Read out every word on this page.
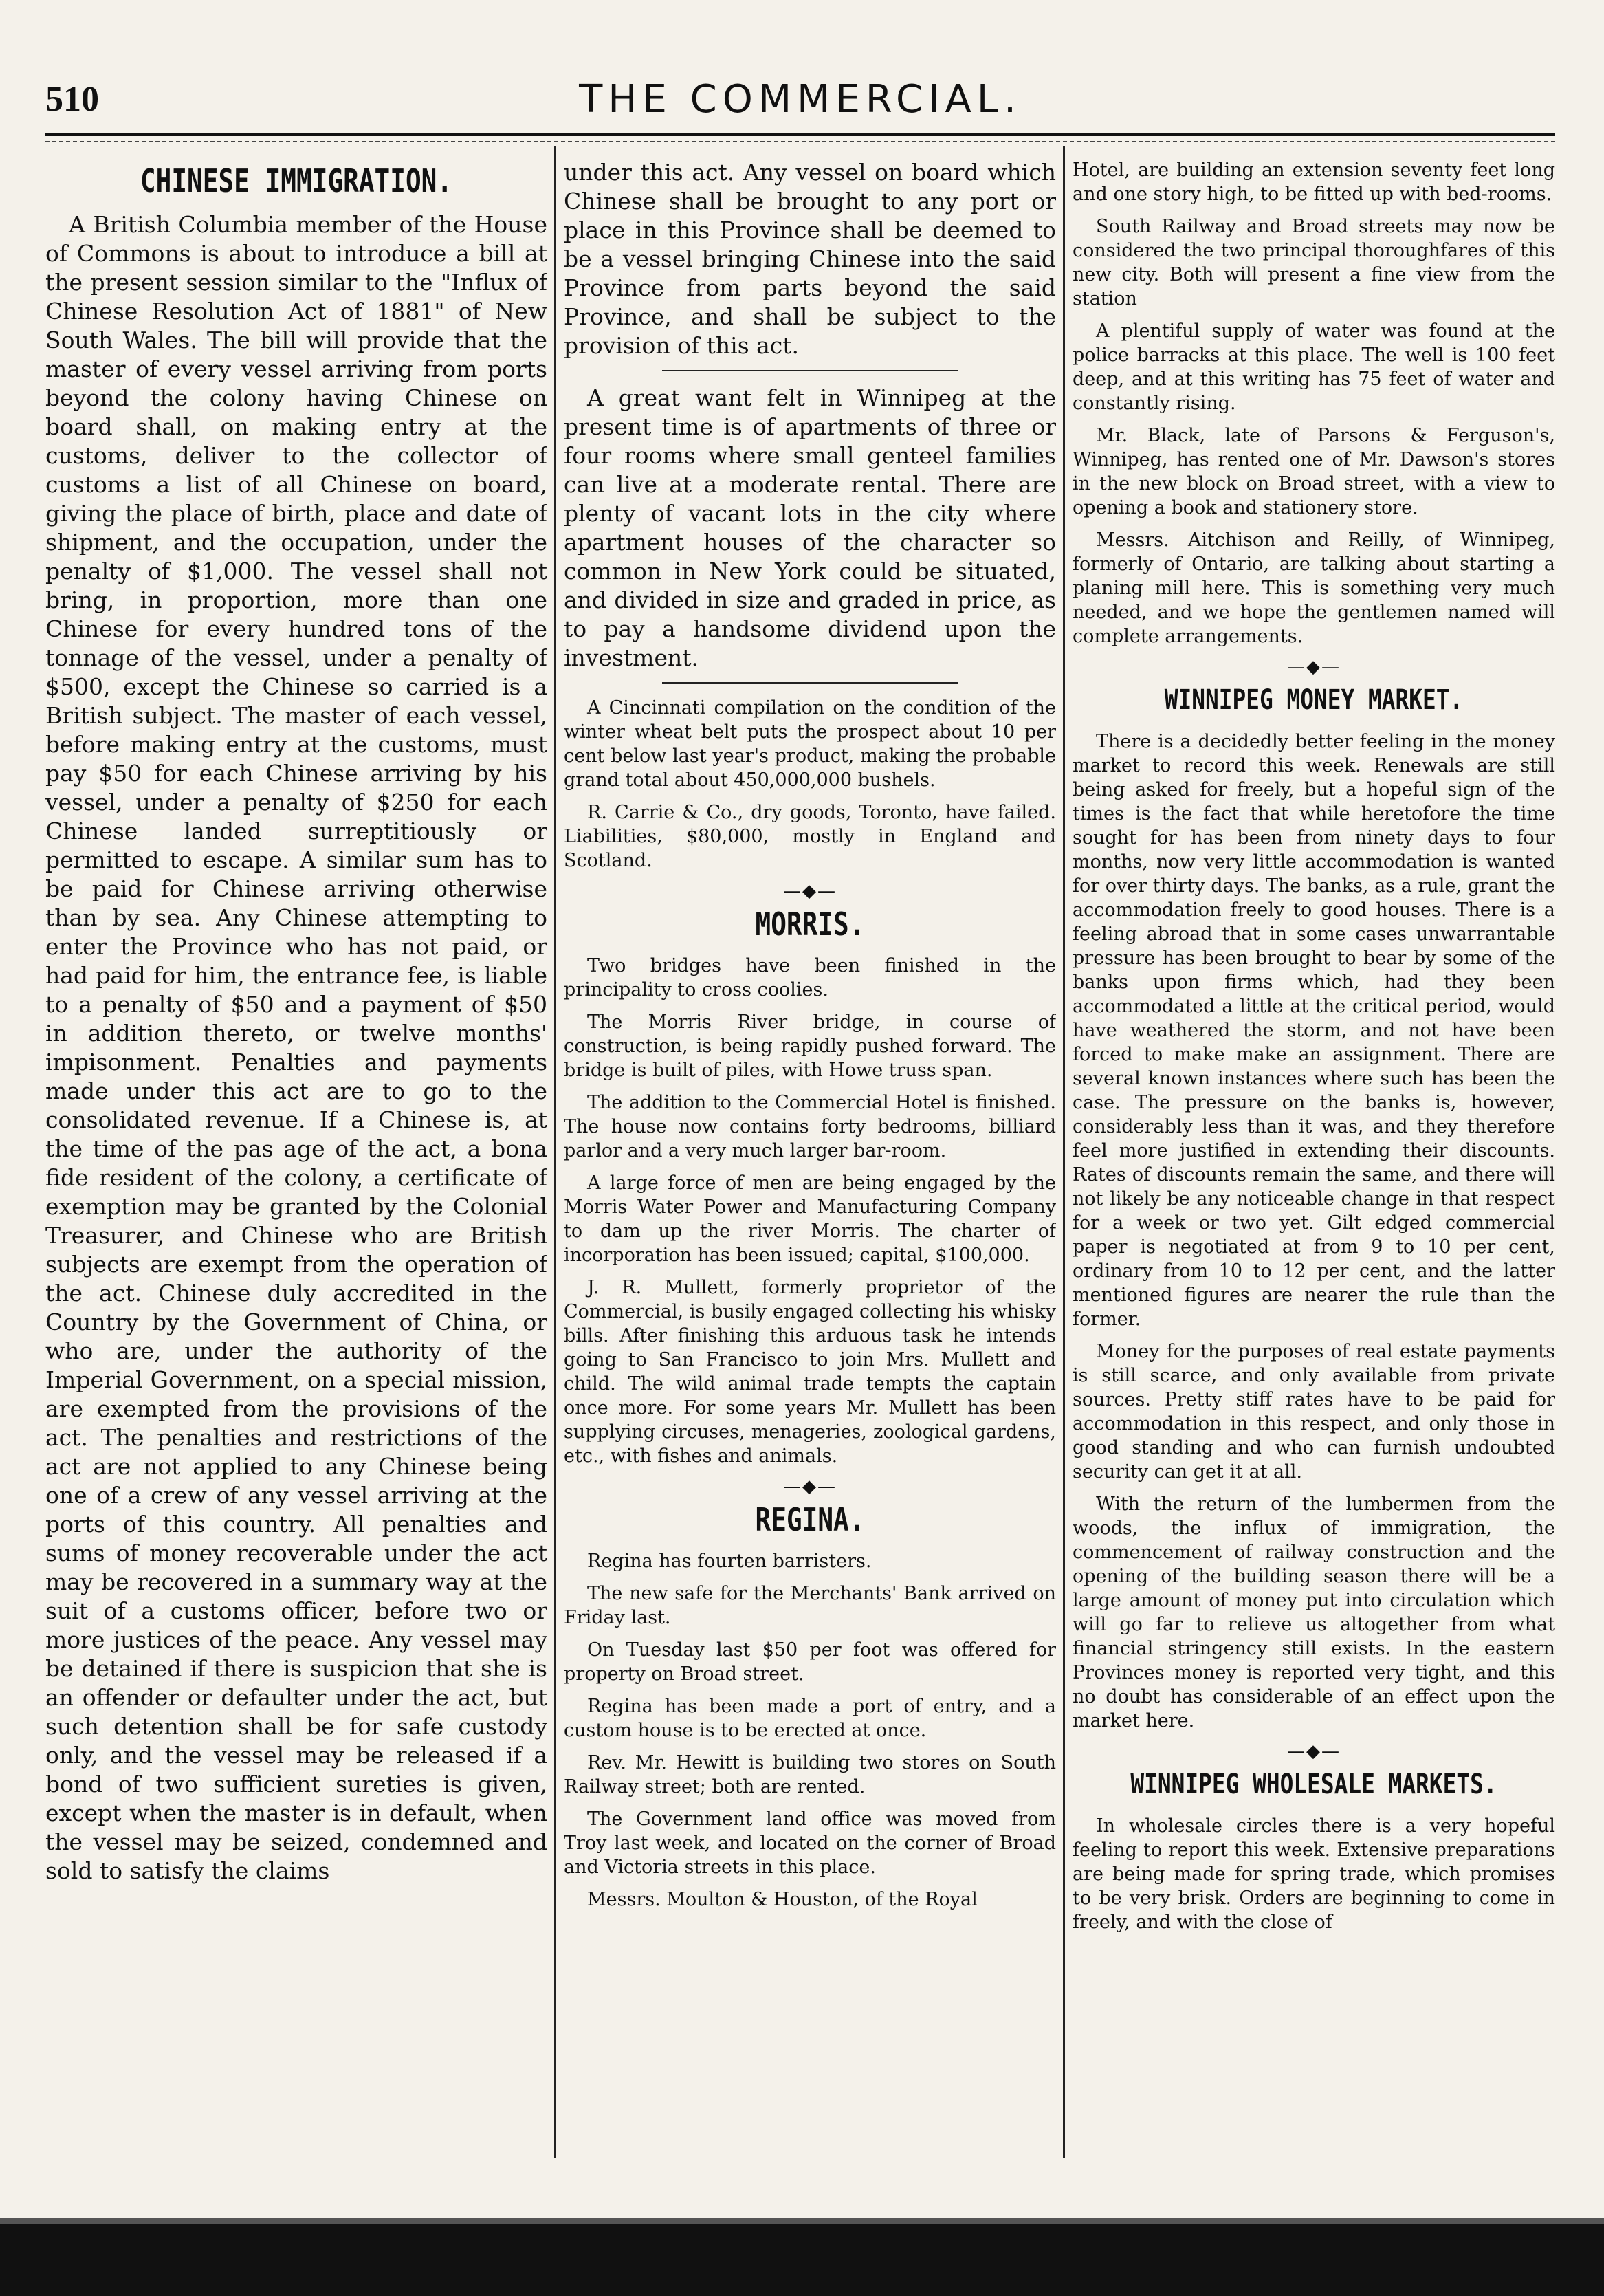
510	THE COMMERCIAL.
CHINESE IMMIGRATION.

A British Columbia member of the House of Commons is about to introduce a bill at the present session similar to the "Influx of Chinese Resolution Act of 1881" of New South Wales. The bill will provide that the master of every vessel arriving from ports beyond the colony having Chinese on board shall, on making entry at the customs, deliver to the collector of customs a list of all Chinese on board, giving the place of birth, place and date of shipment, and the occupation, under the penalty of $1,000. The vessel shall not bring, in proportion, more than one Chinese for every hundred tons of the tonnage of the vessel, under a penalty of $500, except the Chinese so carried is a British subject. The master of each vessel, before making entry at the customs, must pay $50 for each Chinese arriving by his vessel, under a penalty of $250 for each Chinese landed surreptitiously or permitted to escape. A similar sum has to be paid for Chinese arriving otherwise than by sea. Any Chinese attempting to enter the Province who has not paid, or had paid for him, the entrance fee, is liable to a penalty of $50 and a payment of $50 in addition thereto, or twelve months' impisonment. Penalties and payments made under this act are to go to the consolidated revenue. If a Chinese is, at the time of the pas age of the act, a bona fide resident of the colony, a certificate of exemption may be granted by the Colonial Treasurer, and Chinese who are British subjects are exempt from the operation of the act. Chinese duly accredited in the Country by the Government of China, or who are, under the authority of the Imperial Government, on a special mission, are exempted from the provisions of the act. The penalties and restrictions of the act are not applied to any Chinese being one of a crew of any vessel arriving at the ports of this country. All penalties and sums of money recoverable under the act may be recovered in a summary way at the suit of a customs officer, before two or more justices of the peace. Any vessel may be detained if there is suspicion that she is an offender or defaulter under the act, but such detention shall be for safe custody only, and the vessel may be released if a bond of two sufficient sureties is given, except when the master is in default, when the vessel may be seized, condemned and sold to satisfy the claims

under this act. Any vessel on board which Chinese shall be brought to any port or place in this Province shall be deemed to be a vessel bringing Chinese into the said Province from parts beyond the said Province, and shall be subject to the provision of this act.

A great want felt in Winnipeg at the present time is of apartments of three or four rooms where small genteel families can live at a moderate rental. There are plenty of vacant lots in the city where apartment houses of the character so common in New York could be situated, and divided in size and graded in price, as to pay a handsome dividend upon the investment.

A Cincinnati compilation on the condition of the winter wheat belt puts the prospect about 10 per cent below last year's product, making the probable grand total about 450,000,000 bushels.

R. Carrie & Co., dry goods, Toronto, have failed. Liabilities, $80,000, mostly in England and Scotland.

—◆—
MORRIS.

Two bridges have been finished in the principality to cross coolies.

The Morris River bridge, in course of construction, is being rapidly pushed forward. The bridge is built of piles, with Howe truss span.

The addition to the Commercial Hotel is finished. The house now contains forty bedrooms, billiard parlor and a very much larger bar-room.

A large force of men are being engaged by the Morris Water Power and Manufacturing Company to dam up the river Morris. The charter of incorporation has been issued; capital, $100,000.

J. R. Mullett, formerly proprietor of the Commercial, is busily engaged collecting his whisky bills. After finishing this arduous task he intends going to San Francisco to join Mrs. Mullett and child. The wild animal trade tempts the captain once more. For some years Mr. Mullett has been supplying circuses, menageries, zoological gardens, etc., with fishes and animals.

—◆—
REGINA.

Regina has fourten barristers.

The new safe for the Merchants' Bank arrived on Friday last.

On Tuesday last $50 per foot was offered for property on Broad street.

Regina has been made a port of entry, and a custom house is to be erected at once.

Rev. Mr. Hewitt is building two stores on South Railway street; both are rented.

The Government land office was moved from Troy last week, and located on the corner of Broad and Victoria streets in this place.

Messrs. Moulton & Houston, of the Royal

Hotel, are building an extension seventy feet long and one story high, to be fitted up with bed-rooms.

South Railway and Broad streets may now be considered the two principal thoroughfares of this new city. Both will present a fine view from the station

A plentiful supply of water was found at the police barracks at this place. The well is 100 feet deep, and at this writing has 75 feet of water and constantly rising.

Mr. Black, late of Parsons & Ferguson's, Winnipeg, has rented one of Mr. Dawson's stores in the new block on Broad street, with a view to opening a book and stationery store.

Messrs. Aitchison and Reilly, of Winnipeg, formerly of Ontario, are talking about starting a planing mill here. This is something very much needed, and we hope the gentlemen named will complete arrangements.

—◆—
WINNIPEG MONEY MARKET.

There is a decidedly better feeling in the money market to record this week. Renewals are still being asked for freely, but a hopeful sign of the times is the fact that while heretofore the time sought for has been from ninety days to four months, now very little accommodation is wanted for over thirty days. The banks, as a rule, grant the accommodation freely to good houses. There is a feeling abroad that in some cases unwarrantable pressure has been brought to bear by some of the banks upon firms which, had they been accommodated a little at the critical period, would have weathered the storm, and not have been forced to make make an assignment. There are several known instances where such has been the case. The pressure on the banks is, however, considerably less than it was, and they therefore feel more justified in extending their discounts. Rates of discounts remain the same, and there will not likely be any noticeable change in that respect for a week or two yet. Gilt edged commercial paper is negotiated at from 9 to 10 per cent, ordinary from 10 to 12 per cent, and the latter mentioned figures are nearer the rule than the former.

Money for the purposes of real estate payments is still scarce, and only available from private sources. Pretty stiff rates have to be paid for accommodation in this respect, and only those in good standing and who can furnish undoubted security can get it at all.

With the return of the lumbermen from the woods, the influx of immigration, the commencement of railway construction and the opening of the building season there will be a large amount of money put into circulation which will go far to relieve us altogether from what financial stringency still exists. In the eastern Provinces money is reported very tight, and this no doubt has considerable of an effect upon the market here.

—◆—
WINNIPEG WHOLESALE MARKETS.

In wholesale circles there is a very hopeful feeling to report this week. Extensive preparations are being made for spring trade, which promises to be very brisk. Orders are beginning to come in freely, and with the close of
